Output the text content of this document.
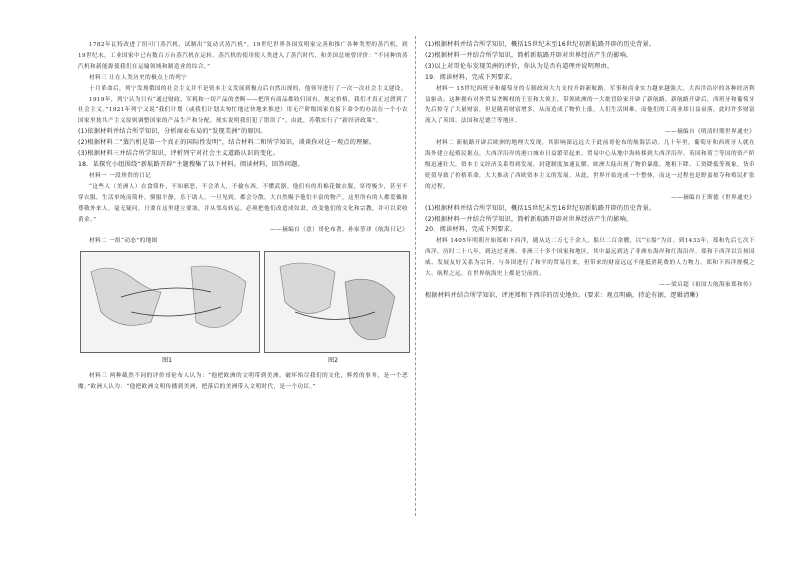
1782年瓦特改进了纽可门蒸汽机，试制出“复动式蒸汽机”。19世纪世界各国发明家完善和推广各种类型的蒸汽机，到19世纪末，工业国家中已有数百万台蒸汽机在运转。蒸汽机的使用使人类进入了蒸汽时代，和美国总统曾评价：“不同种的蒸汽机和新能源使我们在运输领域和制造业的综合。”

材料三 让在人类历史的极点上的列宁

十月革命后，列宁发现俄国的社会主义并不是资本主义发展到极点后自然出现的，他领导进行了一次一次社会主义建设。

1919年，列宁认为只有“通过财政、军税和一切产品的垄断——把所有商品都收归国有，规定价格，我们才真正过渡到了社会主义。”1921年列宁又说“我们计划（或我们计划太匆忙地过快地来推进）用无产阶级国家直接下命令的办法在一个小农国家里按共产主义原则调整国家的产品生产和分配。现实说明我们犯了错误了”。由此，苏俄实行了“新经济政策”。

(1)依据材料并结合所学知识，分析商业布局的“发现美洲”的原因。

(2)根据材料二“蒸汽机是第一个真正的国际性发明”，结合材料二和所学知识，谈谈你对这一观点的理解。

(3)根据材料三并结合所学知识，评析列宁对社会主义道路认识的变化。

18．某探究小组围绕“新航路开辟”主题搜集了以下材料。阅读材料，回答问题。

材料一 一段珍贵的日记

“这些人（美洲人）衣食简朴，不知邪恶，不会杀人，不偷东西，不懂武器。他们有的用棉花做衣服，穿得极少，甚至不穿衣服，生活单纯而简朴，驯服平静，乐于助人。一旦见到，都会分散。大自然赐予他们丰富的物产，这里所有的人都爱戴和尊敬外来人。毫无疑问，只要在这里建立要塞，并从邻岛转运。必须把他们改造成奴隶，改变他们的文化和宗教，并可以采收黄金。”

——摘编自（意）哥伦布著，孙家堃译《航海日记》

材料二 一组“动态”的地图

图1	图2

材料三 两种截然不同的评价哥伦布人认为：“他把欧洲的文明带到美洲，破坏殆尽我们的文化，辉煌的事务，是一个恶魔。”欧洲人认为：“他把欧洲文明传播到美洲，把落后的美洲带入文明时代，是一个功臣。”

(1)根据材料并结合所学知识，概括15世纪末至16世纪初新航路开辟的历史背景。

(2)根据材料一并结合所学知识，简析新航路开辟对世界经济产生的影响。

(3)以上对哥伦布发现美洲的评价，你认为是否有道理并说明理由。

19．阅读材料，完成下列要求。

材料一 15世纪西班牙和葡萄牙的专制政府大力支持开辟新航路。军事和商业实力越来越强大，大西洋沿岸的各种经济利益驱动，这种拥有对外贸易垄断权的王室和大领主，带领欧洲的一大批冒险家开辟了新航路。新航路开辟后，西班牙和葡萄牙先后掠夺了大量财富，但是随着财富增多，从而造成了物价上涨，人们生活困难，而他们的工商业却日益衰落。此时许多财富流入了英国、法国和尼德兰等地区。

——摘编自《明清时期世界通史》

材料二 新航路开辟后欧洲的地理大发现，其影响深远远大于此前哥伦布的航海活动。几十年里，葡萄牙和西班牙人就在海外建立起殖民据点，大西洋沿岸的港口城市日益繁荣起来。贸易中心从地中海转移到大西洋沿岸。英国和荷兰等国的资产阶级迅速壮大，资本主义经济关系得到发展，封建制度加速瓦解。欧洲大陆出现了物价暴涨、地租下降、工资降低等现象，货币贬值导致了价格革命，大大推动了西欧资本主义的发展。从此，世界开始连成一个整体，而这一过程也是野蛮掠夺和殖民扩张的过程。

——摘编自王斯德《世界通史》

(1)根据材料并结合所学知识，概括15世纪末至16世纪初新航路开辟的历史背景。

(2)根据材料一并结合所学知识，简析新航路开辟对世界经济产生的影响。

20．阅读材料，完成下列要求。

材料 1405年明朝开始郑和下西洋，随从达二万七千余人，船只二百余艘，以“宝船”为首。到1433年，郑和先后七次下西洋，历时二十八年，到达过亚洲、非洲三十多个国家和地区，其中最远到达了非洲东海岸和红海沿岸。郑和下西洋以宣扬国威、发展友好关系为宗旨，与各国进行了和平的贸易往来，但带来的财富远远不能抵消耗费的人力物力。郑和下西洋规模之大、航程之远，在世界航海史上都是空前的。

——梁启超《祖国大航海家郑和传》

根据材料并结合所学知识，评述郑和下西洋的历史地位。(要求：观点明确，持论有据，逻辑清晰)
